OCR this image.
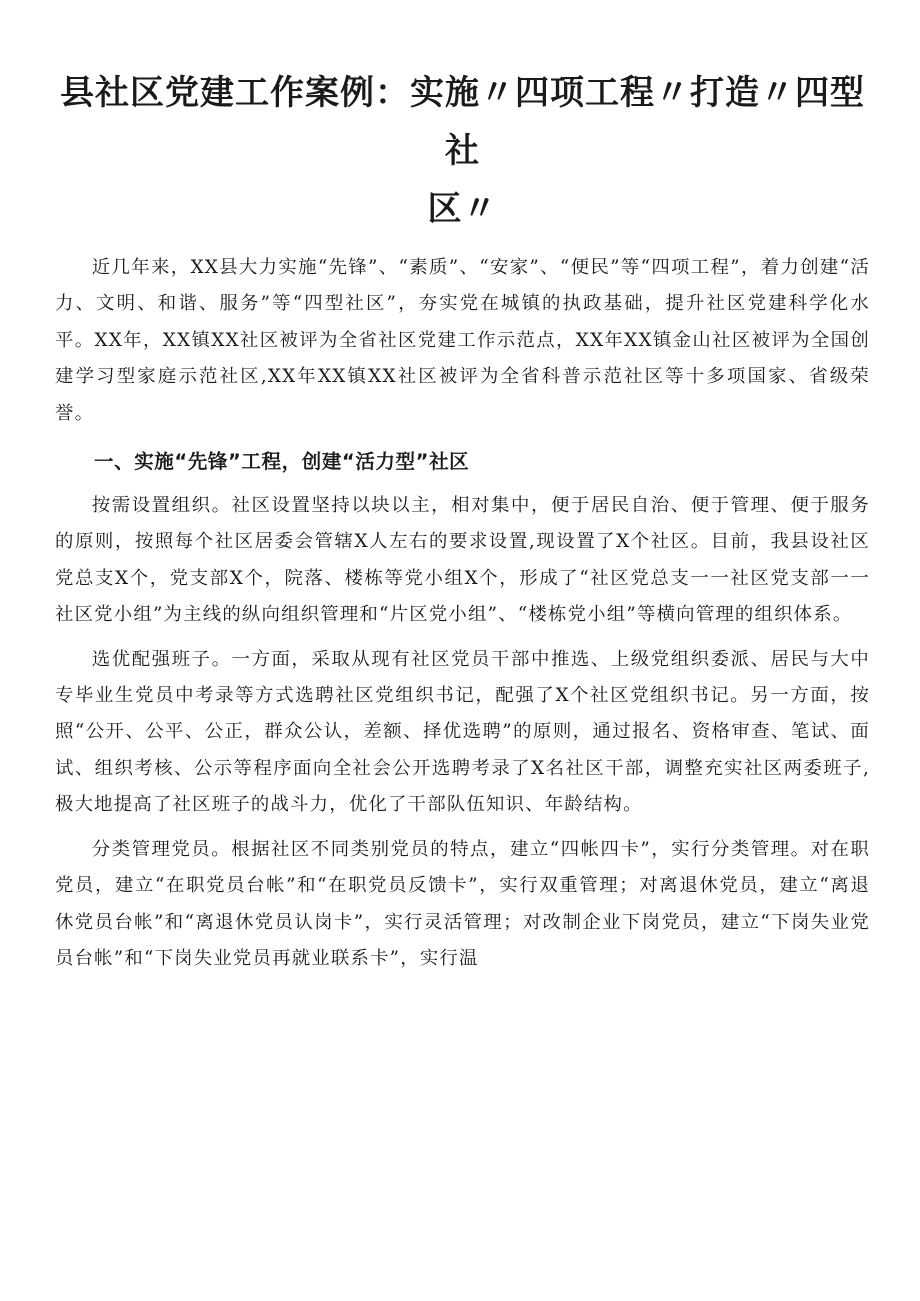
县社区党建工作案例：实施〃四项工程〃打造〃四型社
区〃

近几年来，XX县大力实施“先锋”、“素质”、“安家”、“便民”等“四项工程”，着力创建“活力、文明、和谐、服务”等“四型社区”，夯实党在城镇的执政基础，提升社区党建科学化水平。XX年，XX镇XX社区被评为全省社区党建工作示范点，XX年XX镇金山社区被评为全国创建学习型家庭示范社区,XX年XX镇XX社区被评为全省科普示范社区等十多项国家、省级荣誉。

一、实施“先锋”工程，创建“活力型”社区

按需设置组织。社区设置坚持以块以主，相对集中，便于居民自治、便于管理、便于服务的原则，按照每个社区居委会管辖X人左右的要求设置,现设置了X个社区。目前，我县设社区党总支X个，党支部X个，院落、楼栋等党小组X个，形成了“社区党总支一一社区党支部一一社区党小组”为主线的纵向组织管理和“片区党小组”、“楼栋党小组”等横向管理的组织体系。

选优配强班子。一方面，采取从现有社区党员干部中推选、上级党组织委派、居民与大中专毕业生党员中考录等方式选聘社区党组织书记，配强了X个社区党组织书记。另一方面，按照“公开、公平、公正，群众公认，差额、择优选聘”的原则，通过报名、资格审查、笔试、面试、组织考核、公示等程序面向全社会公开选聘考录了X名社区干部，调整充实社区两委班子,极大地提高了社区班子的战斗力，优化了干部队伍知识、年龄结构。

分类管理党员。根据社区不同类别党员的特点，建立“四帐四卡”，实行分类管理。对在职党员，建立“在职党员台帐”和“在职党员反馈卡”，实行双重管理；对离退休党员，建立“离退休党员台帐”和“离退休党员认岗卡”，实行灵活管理；对改制企业下岗党员，建立“下岗失业党员台帐”和“下岗失业党员再就业联系卡”，实行温
